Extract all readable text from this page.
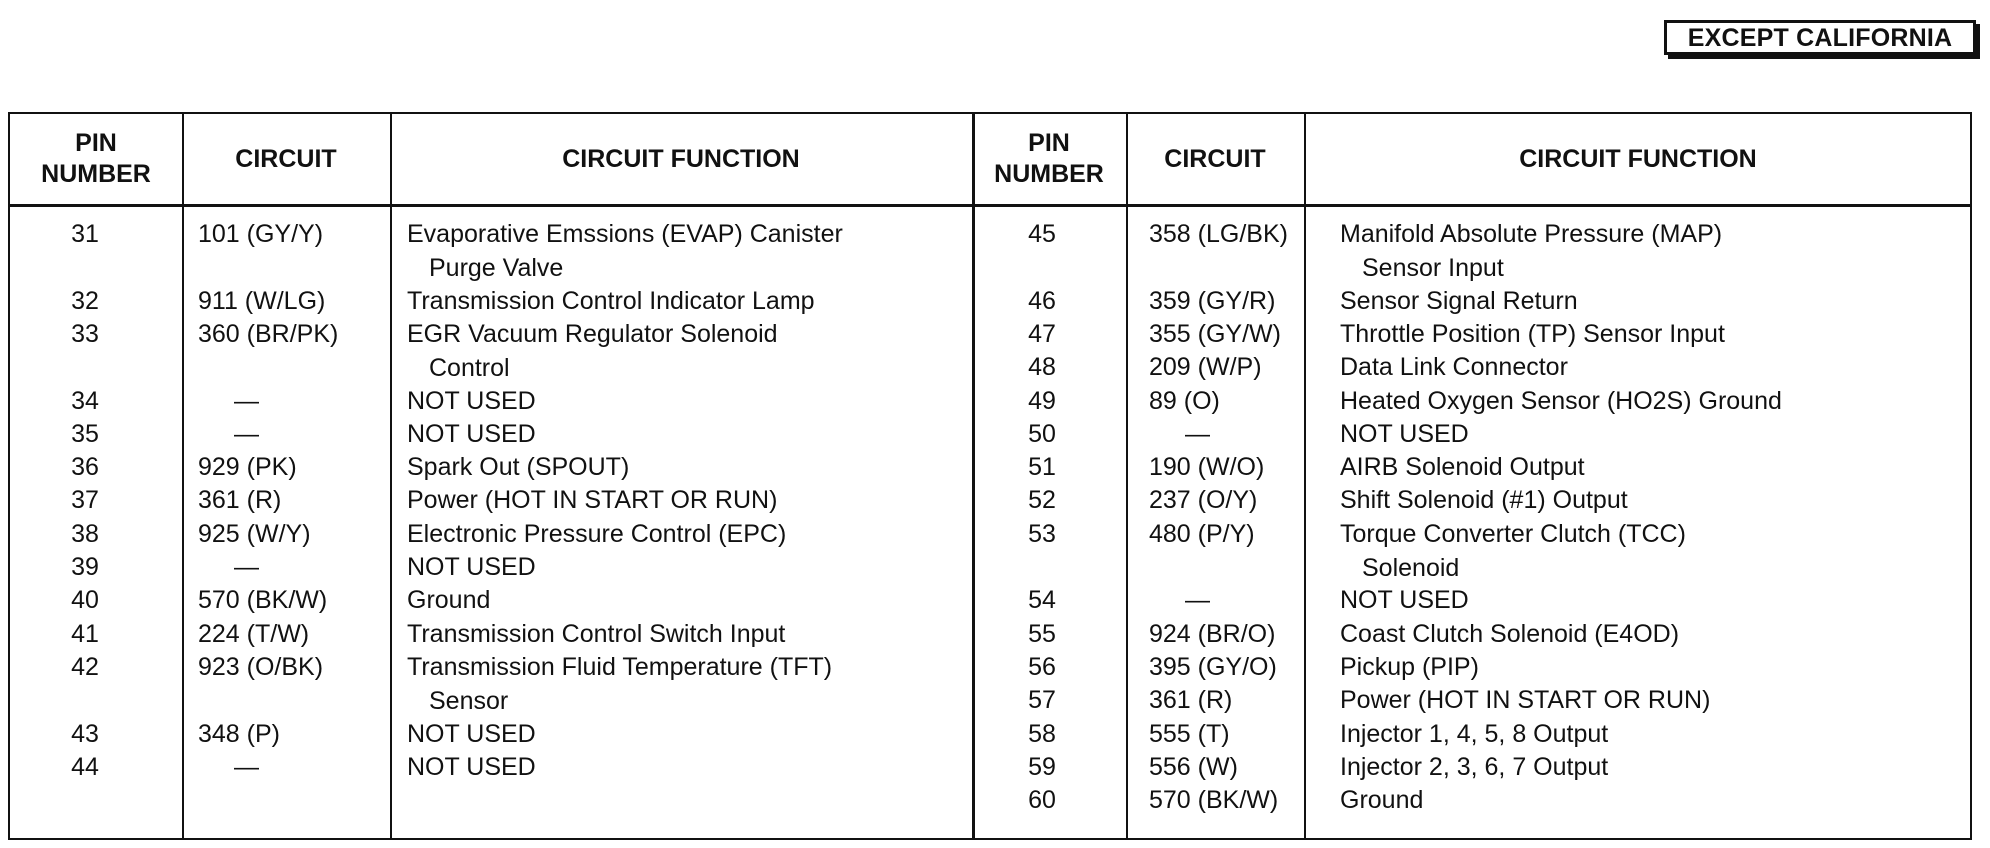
EXCEPT CALIFORNIA
PIN NUMBER
CIRCUIT	CIRCUIT FUNCTION
PIN NUMBER
CIRCUIT	CIRCUIT FUNCTION
31	101 (GY/Y)	Evaporative Emssions (EVAP) Canister
Purge Valve
32	911 (W/LG)	Transmission Control Indicator Lamp
33	360 (BR/PK)	EGR Vacuum Regulator Solenoid
Control
34	—	NOT USED
35	—	NOT USED
36	929 (PK)	Spark Out (SPOUT)
37	361 (R)	Power (HOT IN START OR RUN)
38	925 (W/Y)	Electronic Pressure Control (EPC)
39	—	NOT USED
40	570 (BK/W)	Ground
41	224 (T/W)	Transmission Control Switch Input
42	923 (O/BK)	Transmission Fluid Temperature (TFT)
Sensor
43	348 (P)	NOT USED
44	—	NOT USED
45	358 (LG/BK) Manifold Absolute Pressure (MAP)
Sensor Input
46	359 (GY/R)	Sensor Signal Return
47	355 (GY/W) Throttle Position (TP) Sensor Input
48	209 (W/P)	Data Link Connector
49	89 (O)	Heated Oxygen Sensor (HO2S) Ground
50	—	NOT USED
51	190 (W/O)	AIRB Solenoid Output
52	237 (O/Y)	Shift Solenoid (#1) Output
53	480 (P/Y)	Torque Converter Clutch (TCC)
Solenoid
54	—	NOT USED
55	924 (BR/O)	Coast Clutch Solenoid (E4OD)
56	395 (GY/O)	Pickup (PIP)
57	361 (R)	Power (HOT IN START OR RUN)
58	555 (T)	Injector 1, 4, 5, 8 Output
59	556 (W)	Injector 2, 3, 6, 7 Output
60	570 (BK/W) Ground
